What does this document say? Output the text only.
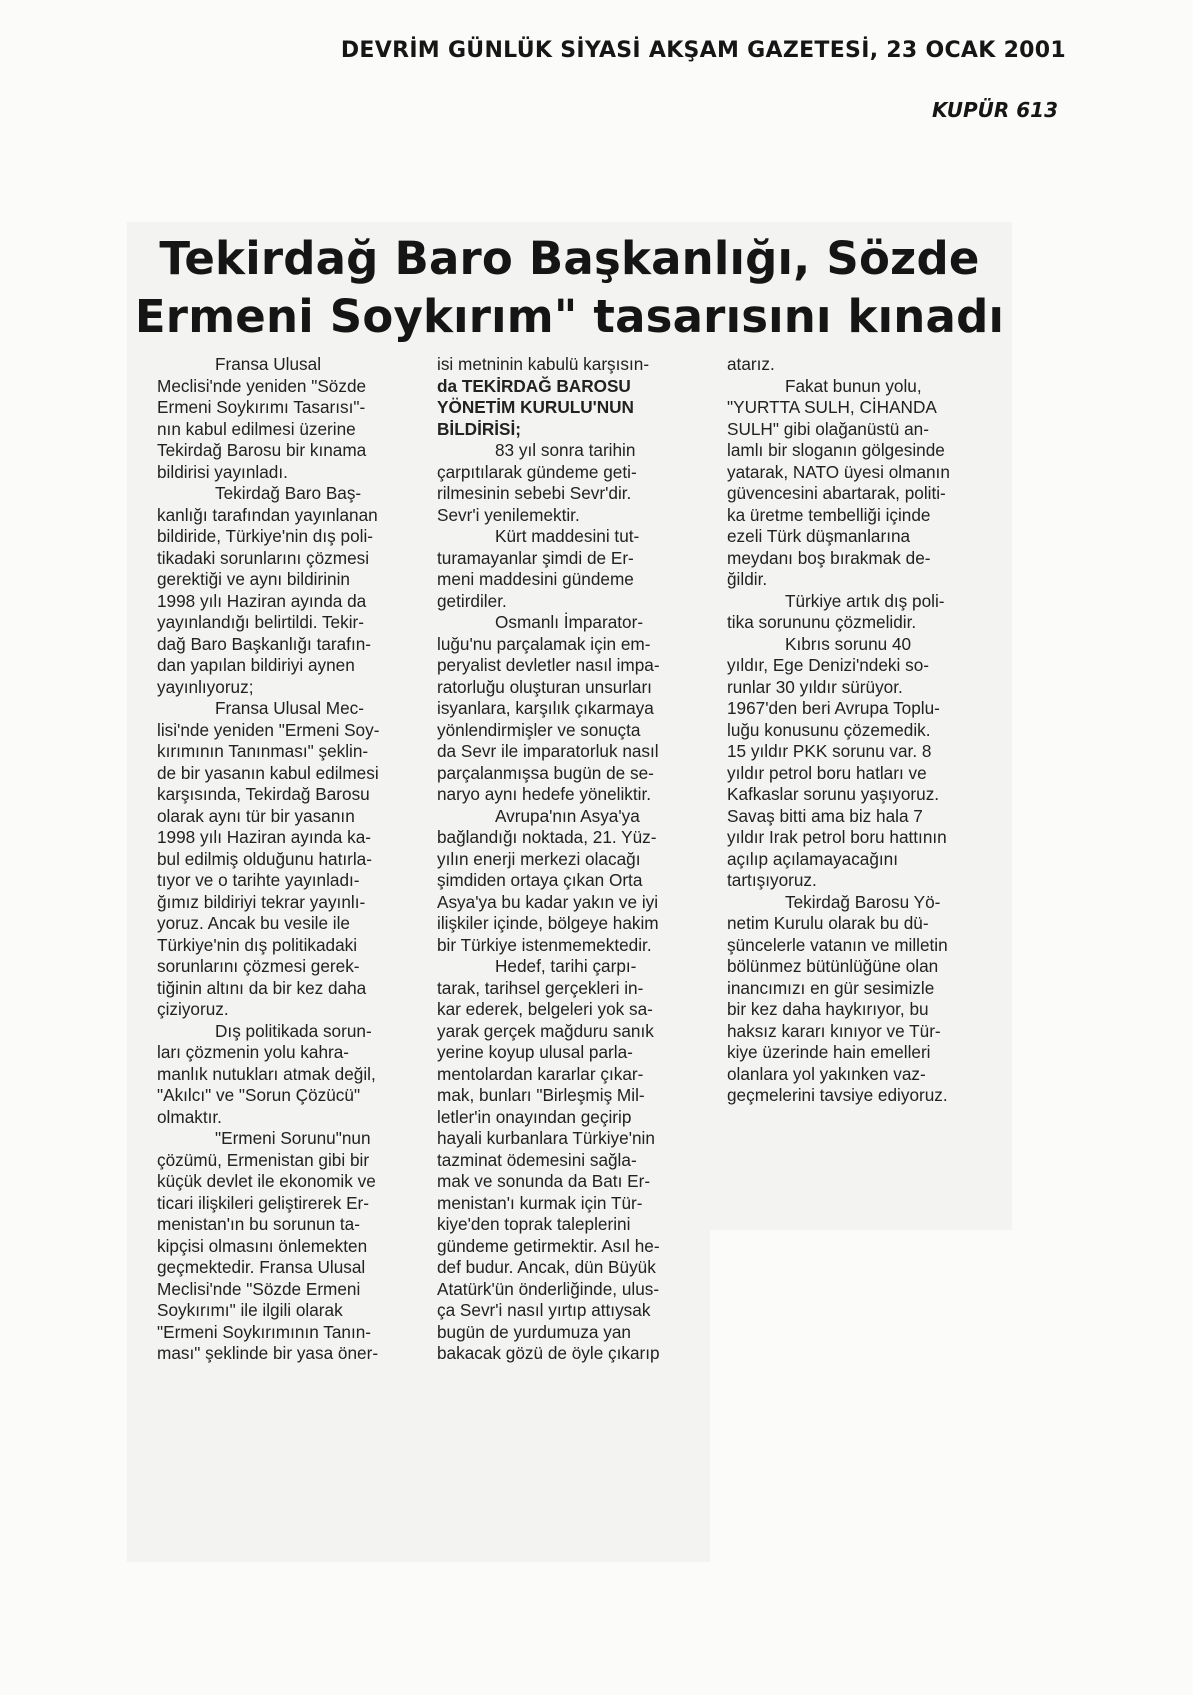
DEVRİM GÜNLÜK SİYASİ AKŞAM GAZETESİ, 23 OCAK 2001
KUPÜR 613
Tekirdağ Baro Başkanlığı, Sözde
Ermeni Soykırım" tasarısını kınadı

Fransa Ulusal

Meclisi'nde yeniden "Sözde

Ermeni Soykırımı Tasarısı"-

nın kabul edilmesi üzerine

Tekirdağ Barosu bir kınama

bildirisi yayınladı.

Tekirdağ Baro Baş-

kanlığı tarafından yayınlanan

bildiride, Türkiye'nin dış poli-

tikadaki sorunlarını çözmesi

gerektiği ve aynı bildirinin

1998 yılı Haziran ayında da

yayınlandığı belirtildi. Tekir-

dağ Baro Başkanlığı tarafın-

dan yapılan bildiriyi aynen

yayınlıyoruz;

Fransa Ulusal Mec-

lisi'nde yeniden "Ermeni Soy-

kırımının Tanınması" şeklin-

de bir yasanın kabul edilmesi

karşısında, Tekirdağ Barosu

olarak aynı tür bir yasanın

1998 yılı Haziran ayında ka-

bul edilmiş olduğunu hatırla-

tıyor ve o tarihte yayınladı-

ğımız bildiriyi tekrar yayınlı-

yoruz. Ancak bu vesile ile

Türkiye'nin dış politikadaki

sorunlarını çözmesi gerek-

tiğinin altını da bir kez daha

çiziyoruz.

Dış politikada sorun-

ları çözmenin yolu kahra-

manlık nutukları atmak değil,

"Akılcı" ve "Sorun Çözücü"

olmaktır.

"Ermeni Sorunu"nun

çözümü, Ermenistan gibi bir

küçük devlet ile ekonomik ve

ticari ilişkileri geliştirerek Er-

menistan'ın bu sorunun ta-

kipçisi olmasını önlemekten

geçmektedir. Fransa Ulusal

Meclisi'nde "Sözde Ermeni

Soykırımı" ile ilgili olarak

"Ermeni Soykırımının Tanın-

ması" şeklinde bir yasa öner-

isi metninin kabulü karşısın-

da TEKİRDAĞ BAROSU

YÖNETİM KURULU'NUN

BİLDİRİSİ;

83 yıl sonra tarihin

çarpıtılarak gündeme geti-

rilmesinin sebebi Sevr'dir.

Sevr'i yenilemektir.

Kürt maddesini tut-

turamayanlar şimdi de Er-

meni maddesini gündeme

getirdiler.

Osmanlı İmparator-

luğu'nu parçalamak için em-

peryalist devletler nasıl impa-

ratorluğu oluşturan unsurları

isyanlara, karşılık çıkarmaya

yönlendirmişler ve sonuçta

da Sevr ile imparatorluk nasıl

parçalanmışsa bugün de se-

naryo aynı hedefe yöneliktir.

Avrupa'nın Asya'ya

bağlandığı noktada, 21. Yüz-

yılın enerji merkezi olacağı

şimdiden ortaya çıkan Orta

Asya'ya bu kadar yakın ve iyi

ilişkiler içinde, bölgeye hakim

bir Türkiye istenmemektedir.

Hedef, tarihi çarpı-

tarak, tarihsel gerçekleri in-

kar ederek, belgeleri yok sa-

yarak gerçek mağduru sanık

yerine koyup ulusal parla-

mentolardan kararlar çıkar-

mak, bunları "Birleşmiş Mil-

letler'in onayından geçirip

hayali kurbanlara Türkiye'nin

tazminat ödemesini sağla-

mak ve sonunda da Batı Er-

menistan'ı kurmak için Tür-

kiye'den toprak taleplerini

gündeme getirmektir. Asıl he-

def budur. Ancak, dün Büyük

Atatürk'ün önderliğinde, ulus-

ça Sevr'i nasıl yırtıp attıysak

bugün de yurdumuza yan

bakacak gözü de öyle çıkarıp

atarız.

Fakat bunun yolu,

"YURTTA SULH, CİHANDA

SULH" gibi olağanüstü an-

lamlı bir sloganın gölgesinde

yatarak, NATO üyesi olmanın

güvencesini abartarak, politi-

ka üretme tembelliği içinde

ezeli Türk düşmanlarına

meydanı boş bırakmak de-

ğildir.

Türkiye artık dış poli-

tika sorununu çözmelidir.

Kıbrıs sorunu 40

yıldır, Ege Denizi'ndeki so-

runlar 30 yıldır sürüyor.

1967'den beri Avrupa Toplu-

luğu konusunu çözemedik.

15 yıldır PKK sorunu var. 8

yıldır petrol boru hatları ve

Kafkaslar sorunu yaşıyoruz.

Savaş bitti ama biz hala 7

yıldır Irak petrol boru hattının

açılıp açılamayacağını

tartışıyoruz.

Tekirdağ Barosu Yö-

netim Kurulu olarak bu dü-

şüncelerle vatanın ve milletin

bölünmez bütünlüğüne olan

inancımızı en gür sesimizle

bir kez daha haykırıyor, bu

haksız kararı kınıyor ve Tür-

kiye üzerinde hain emelleri

olanlara yol yakınken vaz-

geçmelerini tavsiye ediyoruz.
